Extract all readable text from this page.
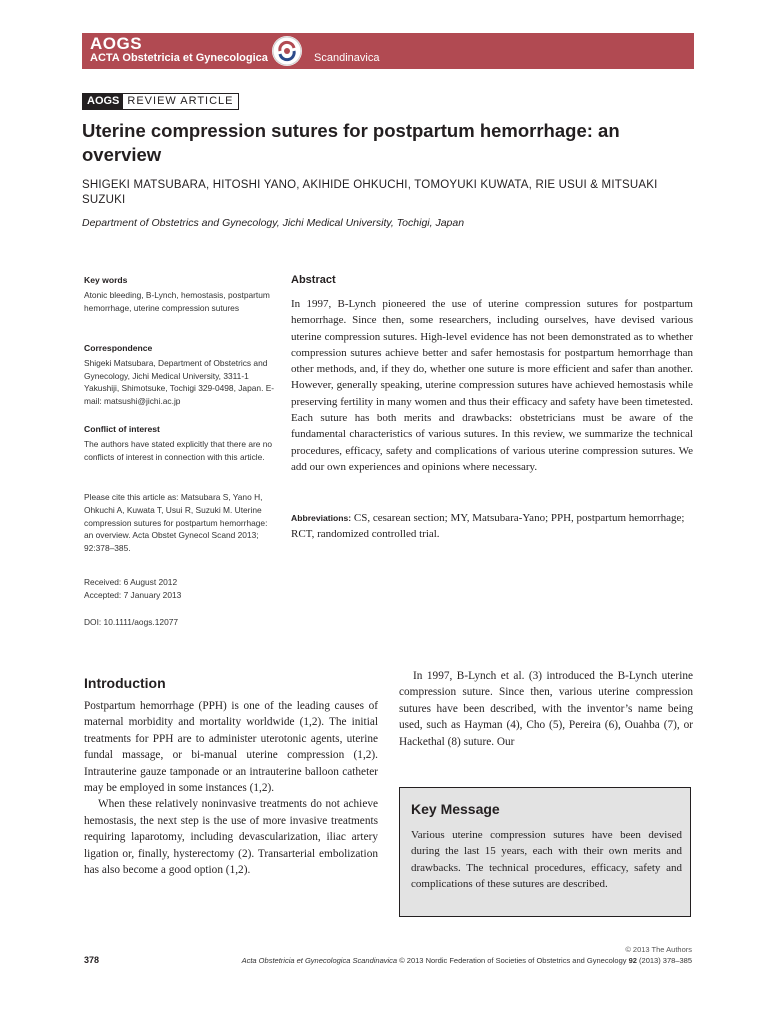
AOGS
ACTA Obstetricia et Gynecologica	Scandinavica
AOGS REVIEW ARTICLE
Uterine compression sutures for postpartum hemorrhage: an overview
SHIGEKI MATSUBARA, HITOSHI YANO, AKIHIDE OHKUCHI, TOMOYUKI KUWATA, RIE USUI & MITSUAKI SUZUKI
Department of Obstetrics and Gynecology, Jichi Medical University, Tochigi, Japan
Key words
Atonic bleeding, B-Lynch, hemostasis, postpartum hemorrhage, uterine compression sutures
Correspondence
Shigeki Matsubara, Department of Obstetrics and Gynecology, Jichi Medical University, 3311-1 Yakushiji, Shimotsuke, Tochigi 329-0498, Japan. E-mail: matsushi@jichi.ac.jp
Conflict of interest
The authors have stated explicitly that there are no conflicts of interest in connection with this article.
Please cite this article as: Matsubara S, Yano H, Ohkuchi A, Kuwata T, Usui R, Suzuki M. Uterine compression sutures for postpartum hemorrhage: an overview. Acta Obstet Gynecol Scand 2013; 92:378–385.
Received: 6 August 2012
Accepted: 7 January 2013
DOI: 10.1111/aogs.12077
Abstract
In 1997, B-Lynch pioneered the use of uterine compression sutures for postpartum hemorrhage. Since then, some researchers, including ourselves, have devised various uterine compression sutures. High-level evidence has not been demonstrated as to whether compression sutures achieve better and safer hemostasis for postpartum hemorrhage than other methods, and, if they do, whether one suture is more efficient and safer than another. However, generally speaking, uterine compression sutures have achieved hemostasis while preserving fertility in many women and thus their efficacy and safety have been timetested. Each suture has both merits and drawbacks: obstetricians must be aware of the fundamental characteristics of various sutures. In this review, we summarize the technical procedures, efficacy, safety and complications of various uterine compression sutures. We add our own experiences and opinions where necessary.
Abbreviations: CS, cesarean section; MY, Matsubara-Yano; PPH, postpartum hemorrhage; RCT, randomized controlled trial.
Introduction

Postpartum hemorrhage (PPH) is one of the leading causes of maternal morbidity and mortality worldwide (1,2). The initial treatments for PPH are to administer uterotonic agents, uterine fundal massage, or bi-manual uterine compression (1,2). Intrauterine gauze tamponade or an intrauterine balloon catheter may be employed in some instances (1,2).

When these relatively noninvasive treatments do not achieve hemostasis, the next step is the use of more invasive treatments requiring laparotomy, including devascularization, iliac artery ligation or, finally, hysterectomy (2). Transarterial embolization has also become a good option (1,2).

In 1997, B-Lynch et al. (3) introduced the B-Lynch uterine compression suture. Since then, various uterine compression sutures have been described, with the inventor’s name being used, such as Hayman (4), Cho (5), Pereira (6), Ouahba (7), or Hackethal (8) suture. Our

Key Message
Various uterine compression sutures have been devised during the last 15 years, each with their own merits and drawbacks. The technical procedures, efficacy, safety and complications of these sutures are described.
© 2013 The Authors
378	Acta Obstetricia et Gynecologica Scandinavica © 2013 Nordic Federation of Societies of Obstetrics and Gynecology 92 (2013) 378–385
